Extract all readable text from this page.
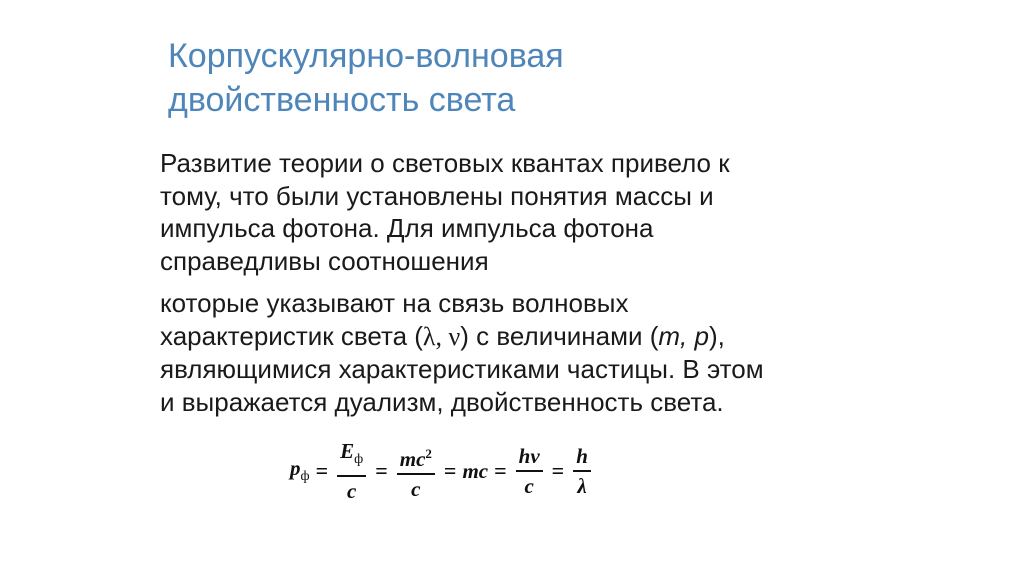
Корпускулярно-волновая
двойственность света
Развитие теории о световых квантах привело к
тому, что были установлены понятия массы и
импульса фотона. Для импульса фотона
справедливы соотношения
которые указывают на связь волновых
характеристик света (λ, ν) с величинами (m, p),
являющимися характеристиками частицы. В этом
и выражается дуализм, двойственность света.
$p_ф = \frac{E_ф}{c} = \frac{mc^2}{c}$ = mc = $\frac{h\nu}{c} = \frac{h}{\lambda}$
